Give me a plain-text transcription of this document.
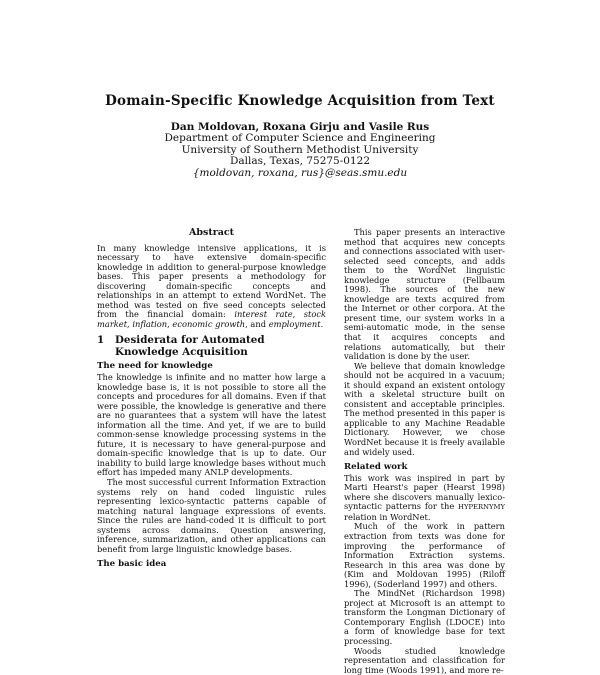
Domain-Specific Knowledge Acquisition from Text
Dan Moldovan, Roxana Girju and Vasile Rus
Department of Computer Science and Engineering
University of Southern Methodist University
Dallas, Texas, 75275-0122
{moldovan, roxana, rus}@seas.smu.edu
Abstract

In many knowledge intensive applications, it is necessary to have extensive domain-specific knowledge in addition to general-purpose knowledge bases. This paper presents a methodology for discovering domain-specific concepts and relationships in an attempt to extend WordNet. The method was tested on five seed concepts selected from the financial domain: interest rate, stock market, inflation, economic growth, and employment.

1	Desiderata for Automated Knowledge Acquisition
The need for knowledge

The knowledge is infinite and no matter how large a knowledge base is, it is not possible to store all the concepts and procedures for all domains. Even if that were possible, the knowledge is generative and there are no guarantees that a system will have the latest information all the time. And yet, if we are to build common-sense knowledge processing systems in the future, it is necessary to have general-purpose and domain-specific knowledge that is up to date. Our inability to build large knowledge bases without much effort has impeded many ANLP developments.

The most successful current Information Extraction systems rely on hand coded linguistic rules representing lexico-syntactic patterns capable of matching natural language expressions of events. Since the rules are hand-coded it is difficult to port systems across domains. Question answering, inference, summarization, and other applications can benefit from large linguistic knowledge bases.

The basic idea

This paper presents an interactive method that acquires new concepts and connections associated with user-selected seed concepts, and adds them to the WordNet linguistic knowledge structure (Fellbaum 1998). The sources of the new knowledge are texts acquired from the Internet or other corpora. At the present time, our system works in a semi-automatic mode, in the sense that it acquires concepts and relations automatically, but their validation is done by the user.

We believe that domain knowledge should not be acquired in a vacuum; it should expand an existent ontology with a skeletal structure built on consistent and acceptable principles. The method presented in this paper is applicable to any Machine Readable Dictionary. However, we chose WordNet because it is freely available and widely used.

Related work

This work was inspired in part by Marti Hearst's paper (Hearst 1998) where she discovers manually lexico-syntactic patterns for the HYPERNYMY relation in WordNet.

Much of the work in pattern extraction from texts was done for improving the performance of Information Extraction systems. Research in this area was done by (Kim and Moldovan 1995) (Riloff 1996), (Soderland 1997) and others.

The MindNet (Richardson 1998) project at Microsoft is an attempt to transform the Longman Dictionary of Contemporary English (LDOCE) into a form of knowledge base for text processing.

Woods studied knowledge representation and classification for long time (Woods 1991), and more re-
